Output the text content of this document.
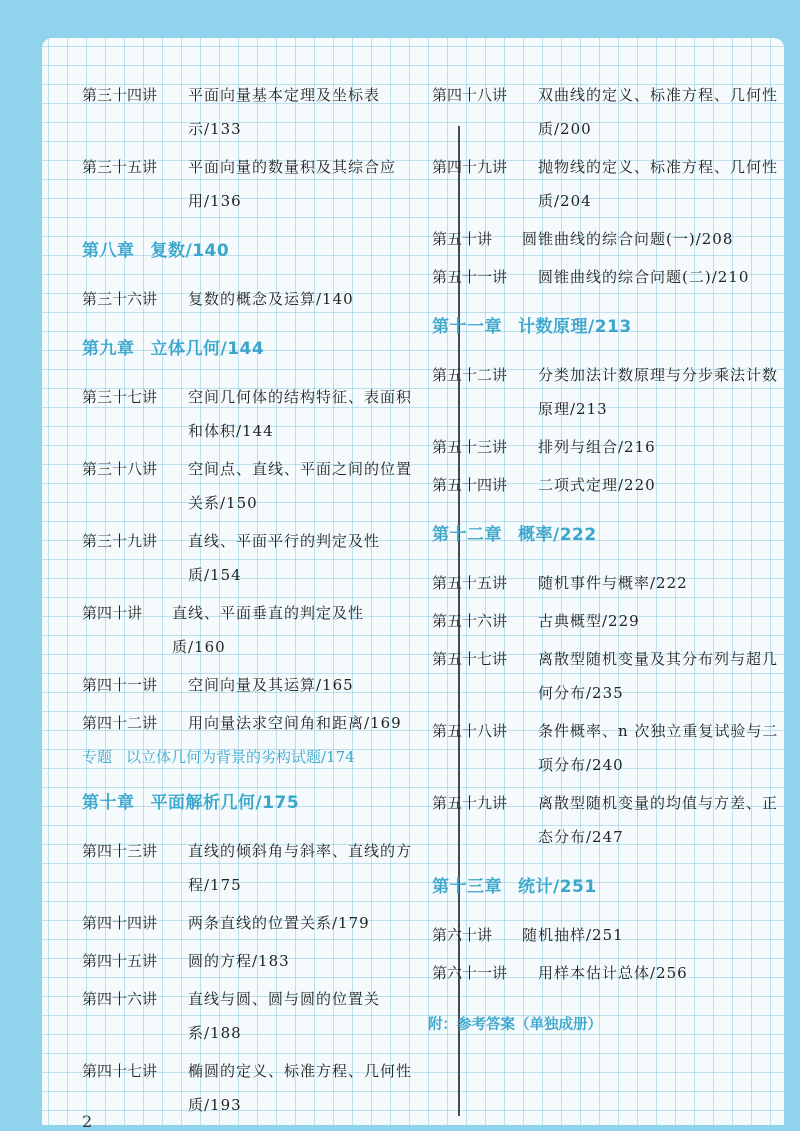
第三十四讲	平面向量基本定理及坐标表示/133
第三十五讲	平面向量的数量积及其综合应用/136
第八章 复数/140
第三十六讲	复数的概念及运算/140
第九章 立体几何/144
第三十七讲	空间几何体的结构特征、表面积和体积/144
第三十八讲	空间点、直线、平面之间的位置关系/150
第三十九讲	直线、平面平行的判定及性质/154
第四十讲	直线、平面垂直的判定及性质/160
第四十一讲	空间向量及其运算/165
第四十二讲	用向量法求空间角和距离/169
专题 以立体几何为背景的劣构试题/174
第十章 平面解析几何/175
第四十三讲	直线的倾斜角与斜率、直线的方程/175
第四十四讲	两条直线的位置关系/179
第四十五讲	圆的方程/183
第四十六讲	直线与圆、圆与圆的位置关系/188
第四十七讲	椭圆的定义、标准方程、几何性质/193
第四十八讲	双曲线的定义、标准方程、几何性质/200
第四十九讲	抛物线的定义、标准方程、几何性质/204
第五十讲	圆锥曲线的综合问题(一)/208
第五十一讲	圆锥曲线的综合问题(二)/210
第十一章 计数原理/213
第五十二讲	分类加法计数原理与分步乘法计数原理/213
第五十三讲	排列与组合/216
第五十四讲	二项式定理/220
第十二章 概率/222
第五十五讲	随机事件与概率/222
第五十六讲	古典概型/229
第五十七讲	离散型随机变量及其分布列与超几何分布/235
第五十八讲	条件概率、n 次独立重复试验与二项分布/240
第五十九讲	离散型随机变量的均值与方差、正态分布/247
第十三章 统计/251
第六十讲	随机抽样/251
第六十一讲	用样本估计总体/256
附：参考答案（单独成册）
2
